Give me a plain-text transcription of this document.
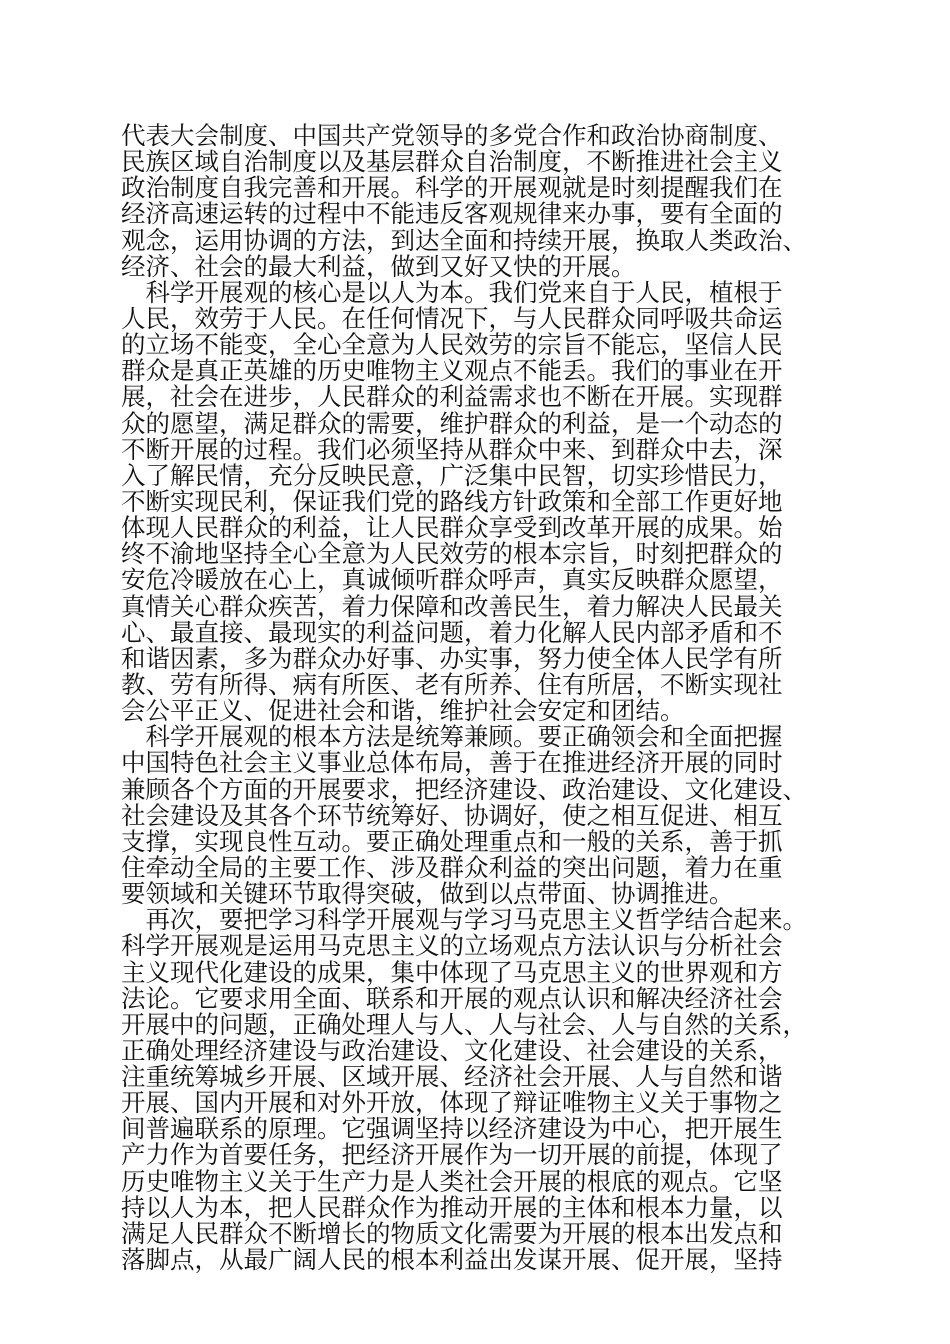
代表大会制度、中国共产党领导的多党合作和政治协商制度、
民族区域自治制度以及基层群众自治制度，不断推进社会主义
政治制度自我完善和开展。科学的开展观就是时刻提醒我们在
经济高速运转的过程中不能违反客观规律来办事，要有全面的
观念，运用协调的方法，到达全面和持续开展，换取人类政治、
经济、社会的最大利益，做到又好又快的开展。
　科学开展观的核心是以人为本。我们党来自于人民，植根于
人民，效劳于人民。在任何情况下，与人民群众同呼吸共命运
的立场不能变，全心全意为人民效劳的宗旨不能忘，坚信人民
群众是真正英雄的历史唯物主义观点不能丢。我们的事业在开
展，社会在进步，人民群众的利益需求也不断在开展。实现群
众的愿望，满足群众的需要，维护群众的利益，是一个动态的
不断开展的过程。我们必须坚持从群众中来、到群众中去，深
入了解民情，充分反映民意，广泛集中民智，切实珍惜民力，
不断实现民利，保证我们党的路线方针政策和全部工作更好地
体现人民群众的利益，让人民群众享受到改革开展的成果。始
终不渝地坚持全心全意为人民效劳的根本宗旨，时刻把群众的
安危冷暖放在心上，真诚倾听群众呼声，真实反映群众愿望，
真情关心群众疾苦，着力保障和改善民生，着力解决人民最关
心、最直接、最现实的利益问题，着力化解人民内部矛盾和不
和谐因素，多为群众办好事、办实事，努力使全体人民学有所
教、劳有所得、病有所医、老有所养、住有所居，不断实现社
会公平正义、促进社会和谐，维护社会安定和团结。
　科学开展观的根本方法是统筹兼顾。要正确领会和全面把握
中国特色社会主义事业总体布局，善于在推进经济开展的同时
兼顾各个方面的开展要求，把经济建设、政治建设、文化建设、
社会建设及其各个环节统筹好、协调好，使之相互促进、相互
支撑，实现良性互动。要正确处理重点和一般的关系，善于抓
住牵动全局的主要工作、涉及群众利益的突出问题，着力在重
要领域和关键环节取得突破，做到以点带面、协调推进。
　再次，要把学习科学开展观与学习马克思主义哲学结合起来。
科学开展观是运用马克思主义的立场观点方法认识与分析社会
主义现代化建设的成果，集中体现了马克思主义的世界观和方
法论。它要求用全面、联系和开展的观点认识和解决经济社会
开展中的问题，正确处理人与人、人与社会、人与自然的关系，
正确处理经济建设与政治建设、文化建设、社会建设的关系，
注重统筹城乡开展、区域开展、经济社会开展、人与自然和谐
开展、国内开展和对外开放，体现了辩证唯物主义关于事物之
间普遍联系的原理。它强调坚持以经济建设为中心，把开展生
产力作为首要任务，把经济开展作为一切开展的前提，体现了
历史唯物主义关于生产力是人类社会开展的根底的观点。它坚
持以人为本，把人民群众作为推动开展的主体和根本力量，以
满足人民群众不断增长的物质文化需要为开展的根本出发点和
落脚点，从最广阔人民的根本利益出发谋开展、促开展，坚持
